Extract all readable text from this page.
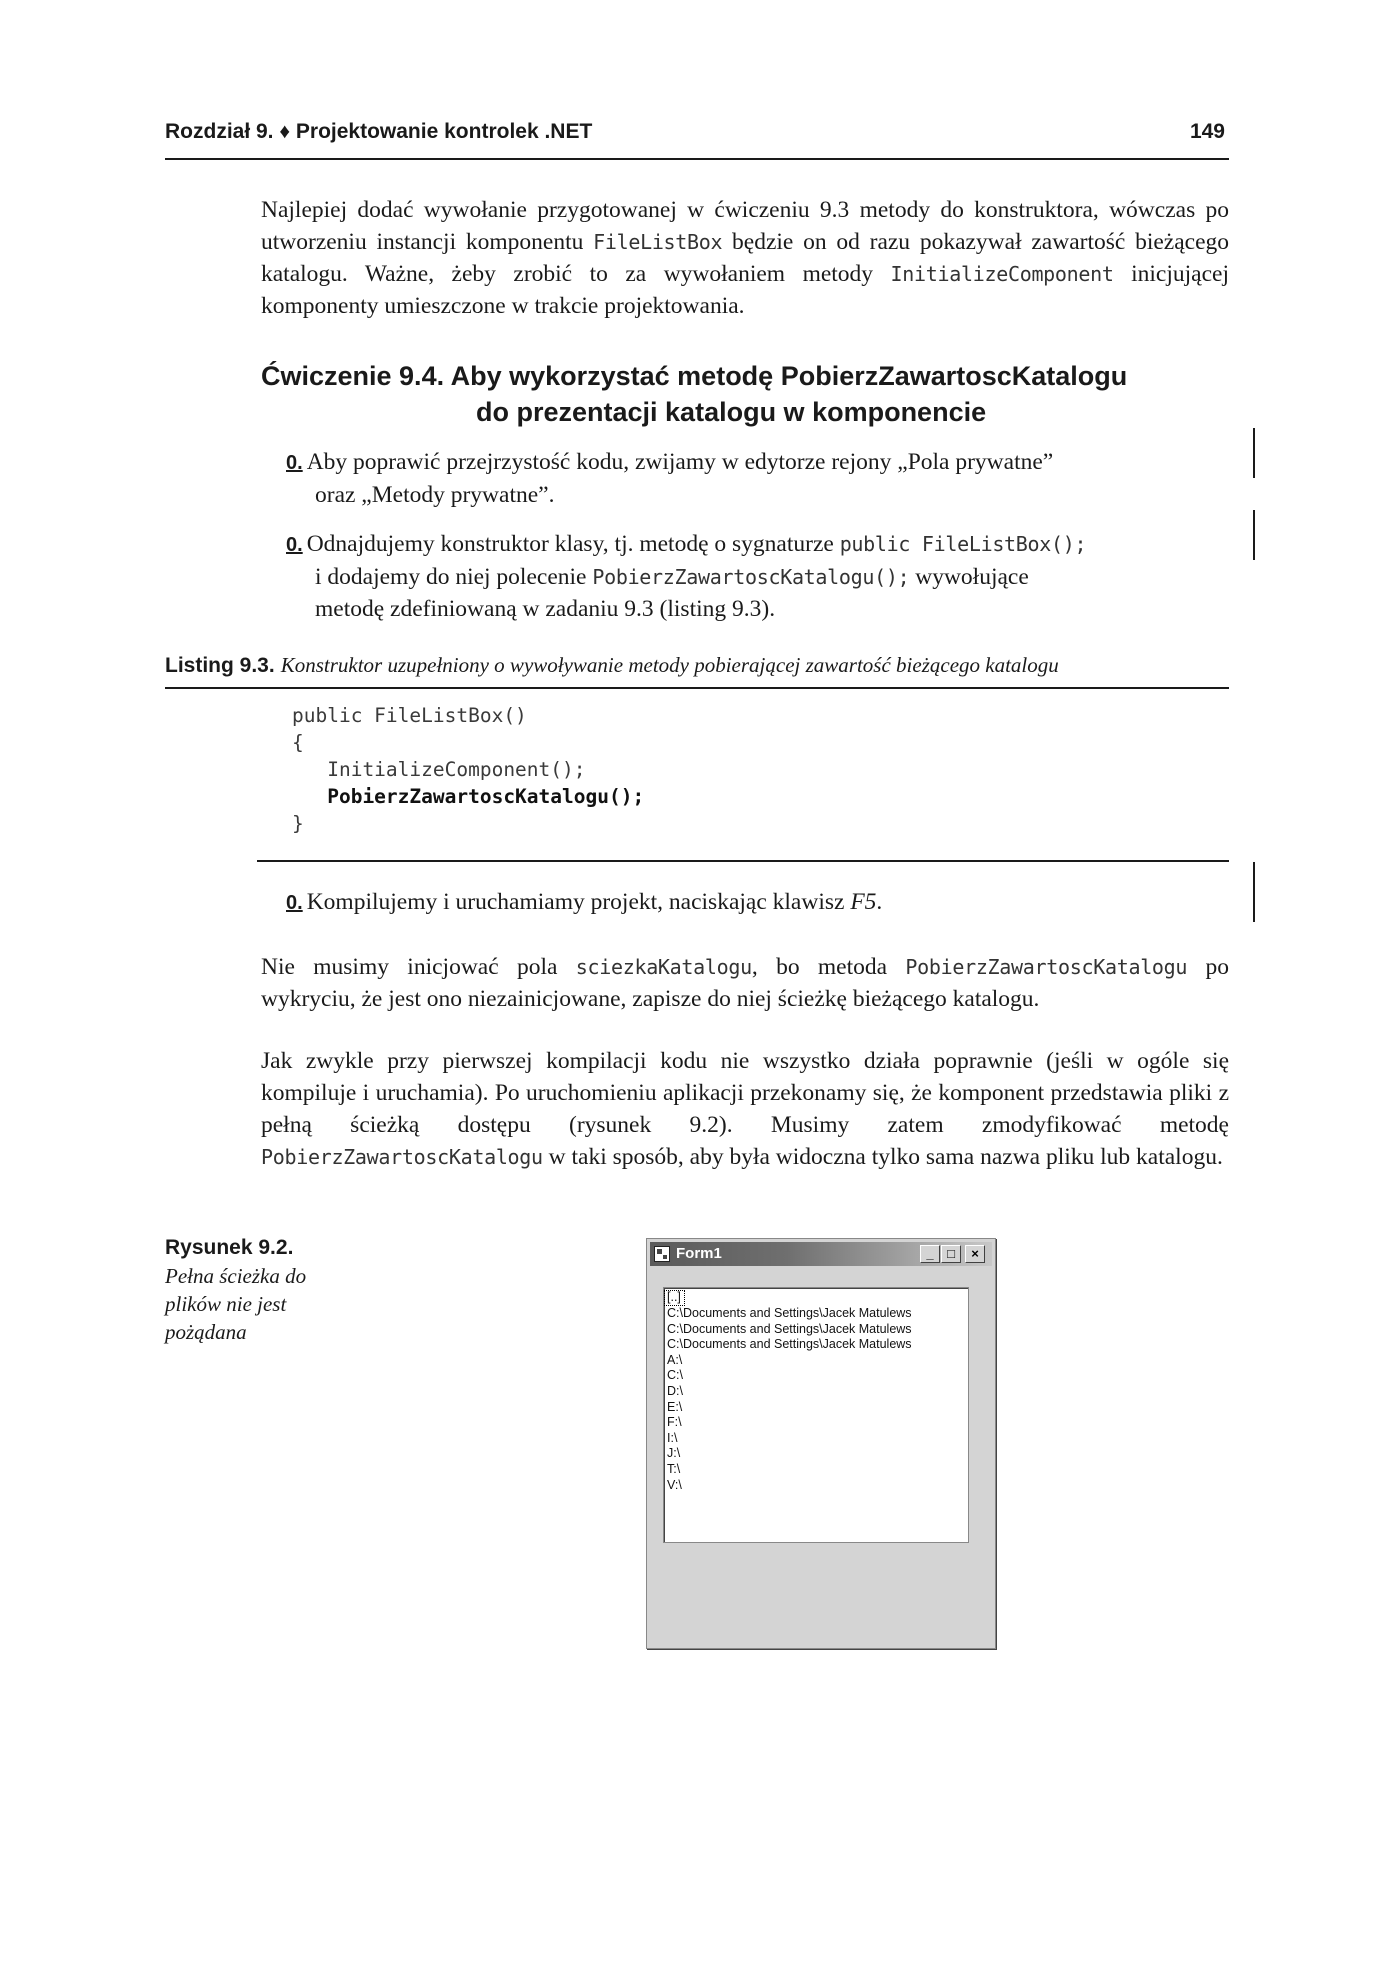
Rozdział 9. ♦ Projektowanie kontrolek .NET	149

Najlepiej dodać wywołanie przygotowanej w ćwiczeniu 9.3 metody do konstruktora, wówczas po utworzeniu instancji komponentu FileListBox będzie on od razu pokazywał zawartość bieżącego katalogu. Ważne, żeby zrobić to za wywołaniem metody InitializeComponent inicjującej komponenty umieszczone w trakcie projektowania.

Ćwiczenie 9.4. Aby wykorzystać metodę PobierzZawartoscKatalogu
do prezentacji katalogu w komponencie

0. Aby poprawić przejrzystość kodu, zwijamy w edytorze rejony „Pola prywatne”
oraz „Metody prywatne”.

0. Odnajdujemy konstruktor klasy, tj. metodę o sygnaturze public FileListBox();
i dodajemy do niej polecenie PobierzZawartoscKatalogu(); wywołujące
metodę zdefiniowaną w zadaniu 9.3 (listing 9.3).

Listing 9.3. Konstruktor uzupełniony o wywoływanie metody pobierającej zawartość bieżącego katalogu
public FileListBox()
{
InitializeComponent();
PobierzZawartoscKatalogu();
}

0. Kompilujemy i uruchamiamy projekt, naciskając klawisz F5.

Nie musimy inicjować pola sciezkaKatalogu, bo metoda PobierzZawartoscKatalogu po wykryciu, że jest ono niezainicjowane, zapisze do niej ścieżkę bieżącego katalogu.

Jak zwykle przy pierwszej kompilacji kodu nie wszystko działa poprawnie (jeśli w ogóle się kompiluje i uruchamia). Po uruchomieniu aplikacji przekonamy się, że komponent przedstawia pliki z pełną ścieżką dostępu (rysunek 9.2). Musimy zatem zmodyfikować metodę PobierzZawartoscKatalogu w taki sposób, aby była widoczna tylko sama nazwa pliku lub katalogu.

Rysunek 9.2.
Pełna ścieżka do plików nie jest pożądana
Form1	_	□	×
[..]
C:\Documents and Settings\Jacek Matulews
C:\Documents and Settings\Jacek Matulews
C:\Documents and Settings\Jacek Matulews
A:\
C:\
D:\
E:\
F:\
I:\
J:\
T:\
V:\
